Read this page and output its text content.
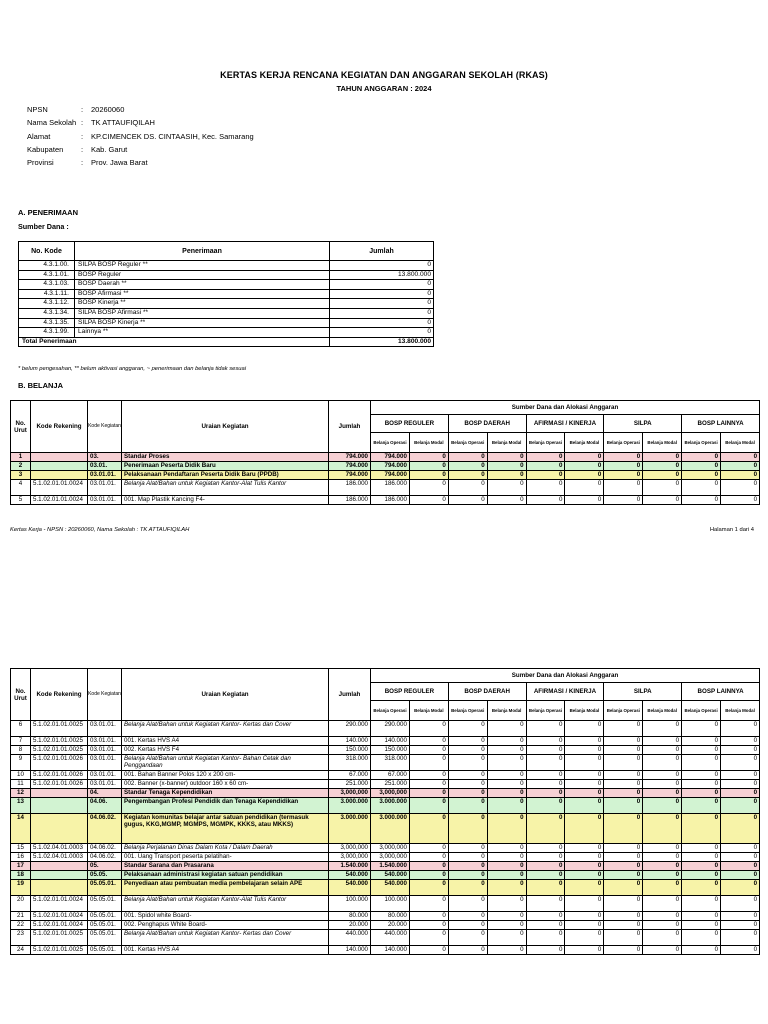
KERTAS KERJA RENCANA KEGIATAN DAN ANGGARAN SEKOLAH (RKAS)
TAHUN ANGGARAN : 2024
NPSN	: 20260060
Nama Sekolah : TK ATTAUFIQILAH
Alamat	: KP.CIMENCEK DS. CINTAASIH, Kec. Samarang
Kabupaten : Kab. Garut
Provinsi	: Prov. Jawa Barat
A. PENERIMAAN
Sumber Dana :
No. Kode	Penerimaan	Jumlah
4.3.1.00.	SILPA BOSP Reguler **	0
4.3.1.01.	BOSP Reguler	13.800.000
4.3.1.03.	BOSP Daerah **	0
4.3.1.11.	BOSP Afirmasi **	0
4.3.1.12.	BOSP Kinerja **	0
4.3.1.34.	SILPA BOSP Afirmasi **	0
4.3.1.35.	SILPA BOSP Kinerja **	0
4.3.1.99.	Lainnya **	0
Total Penerimaan		13.800.000
* belum pengesahan, ** belum aktivasi anggaran, ~ penerimaan dan belanja tidak sesuai
B. BELANJA
No. Urut	Kode Rekening	Kode Kegiatan	Uraian Kegiatan	Jumlah	Sumber Dana dan Alokasi Anggaran									
					BOSP REGULER		BOSP DAERAH		AFIRMASI / KINERJA		SILPA		BOSP LAINNYA	
					Belanja Operasi	Belanja Modal	Belanja Operasi	Belanja Modal	Belanja Operasi	Belanja Modal	Belanja Operasi	Belanja Modal	Belanja Operasi	Belanja Modal
1		03.	Standar Proses	794.000	794.000	0	0	0	0	0	0	0	0	0
2		03.01.	Penerimaan Peserta Didik Baru	794.000	794.000	0	0	0	0	0	0	0	0	0
3		03.01.01.	Pelaksanaan Pendaftaran Peserta Didik Baru (PPDB)	794.000	794.000	0	0	0	0	0	0	0	0	0
4	5.1.02.01.01.0024	03.01.01.	Belanja Alat/Bahan untuk Kegiatan Kantor-Alat Tulis Kantor	186.000	186.000	0	0	0	0	0	0	0	0	0
5	5.1.02.01.01.0024	03.01.01.	001. Map Plastik Kancing F4-	186.000	186.000	0	0	0	0	0	0	0	0	0
Kertas Kerja - NPSN : 20260060, Nama Sekolah : TK ATTAUFIQILAH	Halaman 1 dari 4
No. Urut	Kode Rekening	Kode Kegiatan	Uraian Kegiatan	Jumlah	Sumber Dana dan Alokasi Anggaran									
					BOSP REGULER		BOSP DAERAH		AFIRMASI / KINERJA		SILPA		BOSP LAINNYA	
					Belanja Operasi	Belanja Modal	Belanja Operasi	Belanja Modal	Belanja Operasi	Belanja Modal	Belanja Operasi	Belanja Modal	Belanja Operasi	Belanja Modal
6	5.1.02.01.01.0025	03.01.01.	Belanja Alat/Bahan untuk Kegiatan Kantor- Kertas dan Cover	290.000	290.000	0	0	0	0	0	0	0	0	0
7	5.1.02.01.01.0025	03.01.01.	001. Kertas HVS A4	140.000	140.000	0	0	0	0	0	0	0	0	0
8	5.1.02.01.01.0025	03.01.01.	002. Kertas HVS F4	150.000	150.000	0	0	0	0	0	0	0	0	0
9	5.1.02.01.01.0026	03.01.01.	Belanja Alat/Bahan untuk Kegiatan Kantor- Bahan Cetak dan Penggandaan	318.000	318.000	0	0	0	0	0	0	0	0	0
10	5.1.02.01.01.0026	03.01.01.	001. Bahan Banner Polos 120 x 200 cm-	67.000	67.000	0	0	0	0	0	0	0	0	0
11	5.1.02.01.01.0026	03.01.01.	002. Banner (x-banner) outdoor 160 x 60 cm-	251.000	251.000	0	0	0	0	0	0	0	0	0
12		04.	Standar Tenaga Kependidikan	3,000,000	3,000,000	0	0	0	0	0	0	0	0	0
13		04.06.	Pengembangan Profesi Pendidik dan Tenaga Kependidikan	3.000.000	3.000.000	0	0	0	0	0	0	0	0	0
14		04.06.02.	Kegiatan komunitas belajar antar satuan pendidikan (termasuk gugus, KKG,MGMP, MGMPS, MGMPK, KKKS, atau MKKS)	3.000.000	3.000.000	0	0	0	0	0	0	0	0	0
15	5.1.02.04.01.0003	04.06.02.	Belanja Perjalanan Dinas Dalam Kota / Dalam Daerah	3,000,000	3,000,000	0	0	0	0	0	0	0	0	0
16	5.1.02.04.01.0003	04.06.02.	001. Uang Transport peserta pelatihan-	3,000,000	3,000,000	0	0	0	0	0	0	0	0	0
17		05.	Standar Sarana dan Prasarana	1.540.000	1.540.000	0	0	0	0	0	0	0	0	0
18		05.05.	Pelaksanaan administrasi kegiatan satuan pendidikan	540.000	540.000	0	0	0	0	0	0	0	0	0
19		05.05.01.	Penyediaan atau pembuatan media pembelajaran selain APE	540.000	540.000	0	0	0	0	0	0	0	0	0
20	5.1.02.01.01.0024	05.05.01.	Belanja Alat/Bahan untuk Kegiatan Kantor-Alat Tulis Kantor	100.000	100.000	0	0	0	0	0	0	0	0	0
21	5.1.02.01.01.0024	05.05.01.	001. Spidol white Board-	80.000	80.000	0	0	0	0	0	0	0	0	0
22	5.1.02.01.01.0024	05.05.01.	002. Penghapus White Board-	20.000	20.000	0	0	0	0	0	0	0	0	0
23	5.1.02.01.01.0025	05.05.01.	Belanja Alat/Bahan untuk Kegiatan Kantor- Kertas dan Cover	440.000	440.000	0	0	0	0	0	0	0	0	0
24	5.1.02.01.01.0025	05.05.01.	001. Kertas HVS A4	140.000	140.000	0	0	0	0	0	0	0	0	0
